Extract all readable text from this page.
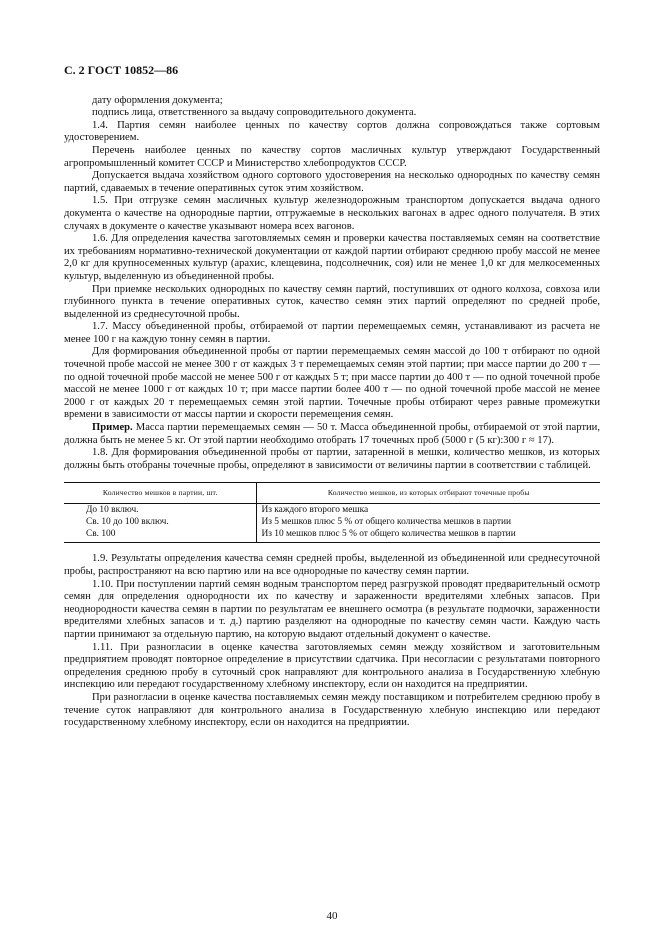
С. 2 ГОСТ 10852—86

дату оформления документа;

подпись лица, ответственного за выдачу сопроводительного документа.

1.4. Партия семян наиболее ценных по качеству сортов должна сопровождаться также сортовым удостоверением.

Перечень наиболее ценных по качеству сортов масличных культур утверждают Государственный агропромышленный комитет СССР и Министерство хлебопродуктов СССР.

Допускается выдача хозяйством одного сортового удостоверения на несколько однородных по качеству семян партий, сдаваемых в течение оперативных суток этим хозяйством.

1.5. При отгрузке семян масличных культур железнодорожным транспортом допускается выдача одного документа о качестве на однородные партии, отгружаемые в нескольких вагонах в адрес одного получателя. В этих случаях в документе о качестве указывают номера всех вагонов.

1.6. Для определения качества заготовляемых семян и проверки качества поставляемых семян на соответствие их требованиям нормативно-технической документации от каждой партии отбирают среднюю пробу массой не менее 2,0 кг для крупносеменных культур (арахис, клещевина, подсолнечник, соя) или не менее 1,0 кг для мелкосеменных культур, выделенную из объединенной пробы.

При приемке нескольких однородных по качеству семян партий, поступивших от одного колхоза, совхоза или глубинного пункта в течение оперативных суток, качество семян этих партий определяют по средней пробе, выделенной из среднесуточной пробы.

1.7. Массу объединенной пробы, отбираемой от партии перемещаемых семян, устанавливают из расчета не менее 100 г на каждую тонну семян в партии.

Для формирования объединенной пробы от партии перемещаемых семян массой до 100 т отбирают по одной точечной пробе массой не менее 300 г от каждых 3 т перемещаемых семян этой партии; при массе партии до 200 т — по одной точечной пробе массой не менее 500 г от каждых 5 т; при массе партии до 400 т — по одной точечной пробе массой не менее 1000 г от каждых 10 т; при массе партии более 400 т — по одной точечной пробе массой не менее 2000 г от каждых 20 т перемещаемых семян этой партии. Точечные пробы отбирают через равные промежутки времени в зависимости от массы партии и скорости перемещения семян.

Пример. Масса партии перемещаемых семян — 50 т. Масса объединенной пробы, отбираемой от этой партии, должна быть не менее 5 кг. От этой партии необходимо отобрать 17 точечных проб (5000 г (5 кг):300 г ≈ 17).

1.8. Для формирования объединенной пробы от партии, затаренной в мешки, количество мешков, из которых должны быть отобраны точечные пробы, определяют в зависимости от величины партии в соответствии с таблицей.

Количество мешков в партии, шт.	Количество мешков, из которых отбирают точечные пробы
До 10 включ.	Из каждого второго мешка
Св. 10 до 100 включ.	Из 5 мешков плюс 5 % от общего количества мешков в партии
Св. 100	Из 10 мешков плюс 5 % от общего количества мешков в партии

1.9. Результаты определения качества семян средней пробы, выделенной из объединенной или среднесуточной пробы, распространяют на всю партию или на все однородные по качеству семян партии.

1.10. При поступлении партий семян водным транспортом перед разгрузкой проводят предварительный осмотр семян для определения однородности их по качеству и зараженности вредителями хлебных запасов. При неоднородности качества семян в партии по результатам ее внешнего осмотра (в результате подмочки, зараженности вредителями хлебных запасов и т. д.) партию разделяют на однородные по качеству семян части. Каждую часть партии принимают за отдельную партию, на которую выдают отдельный документ о качестве.

1.11. При разногласии в оценке качества заготовляемых семян между хозяйством и заготовительным предприятием проводят повторное определение в присутствии сдатчика. При несогласии с результатами повторного определения среднюю пробу в суточный срок направляют для контрольного анализа в Государственную хлебную инспекцию или передают государственному хлебному инспектору, если он находится на предприятии.

При разногласии в оценке качества поставляемых семян между поставщиком и потребителем среднюю пробу в течение суток направляют для контрольного анализа в Государственную хлебную инспекцию или передают государственному хлебному инспектору, если он находится на предприятии.

40
